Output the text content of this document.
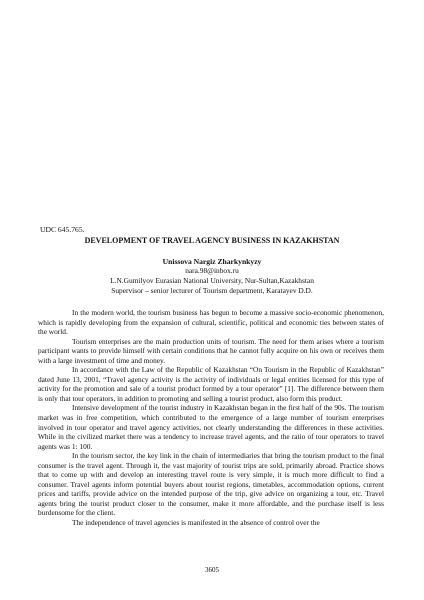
UDC 645.765.
DEVELOPMENT OF TRAVEL AGENCY BUSINESS IN KAZAKHSTAN
Unissova Nargiz Zharkynkyzy
nara.98@inbox.ru
L.N.Gumilyov Eurasian National University, Nur-Sultan,Kazakhstan
Supervisor – senior lecturer of Tourism department, Karatayev D.D.

In the modern world, the tourism business has begun to become a massive socio-economic phenomenon, which is rapidly developing from the expansion of cultural, scientific, political and economic ties between states of the world.

Tourism enterprises are the main production units of tourism. The need for them arises where a tourism participant wants to provide himself with certain conditions that he cannot fully acquire on his own or receives them with a large investment of time and money.

In accordance with the Law of the Republic of Kazakhstan “On Tourism in the Republic of Kazakhstan” dated June 13, 2001, “Travel agency activity is the activity of individuals or legal entities licensed for this type of activity for the promotion and sale of a tourist product formed by a tour operator” [1]. The difference between them is only that tour operators, in addition to promoting and selling a tourist product, also form this product.

Intensive development of the tourist industry in Kazakhstan began in the first half of the 90s. The tourism market was in free competition, which contributed to the emergence of a large number of tourism enterprises involved in tour operator and travel agency activities, not clearly understanding the differences in these activities. While in the civilized market there was a tendency to increase travel agents, and the ratio of tour operators to travel agents was 1: 100.

In the tourism sector, the key link in the chain of intermediaries that bring the tourism product to the final consumer is the travel agent. Through it, the vast majority of tourist trips are sold, primarily abroad. Practice shows that to come up with and develop an interesting travel route is very simple, it is much more difficult to find a consumer. Travel agents inform potential buyers about tourist regions, timetables, accommodation options, current prices and tariffs, provide advice on the intended purpose of the trip, give advice on organizing a tour, etc. Travel agents bring the tourist product closer to the consumer, make it more affordable, and the purchase itself is less burdensome for the client.

The independence of travel agencies is manifested in the absence of control over the

3605
